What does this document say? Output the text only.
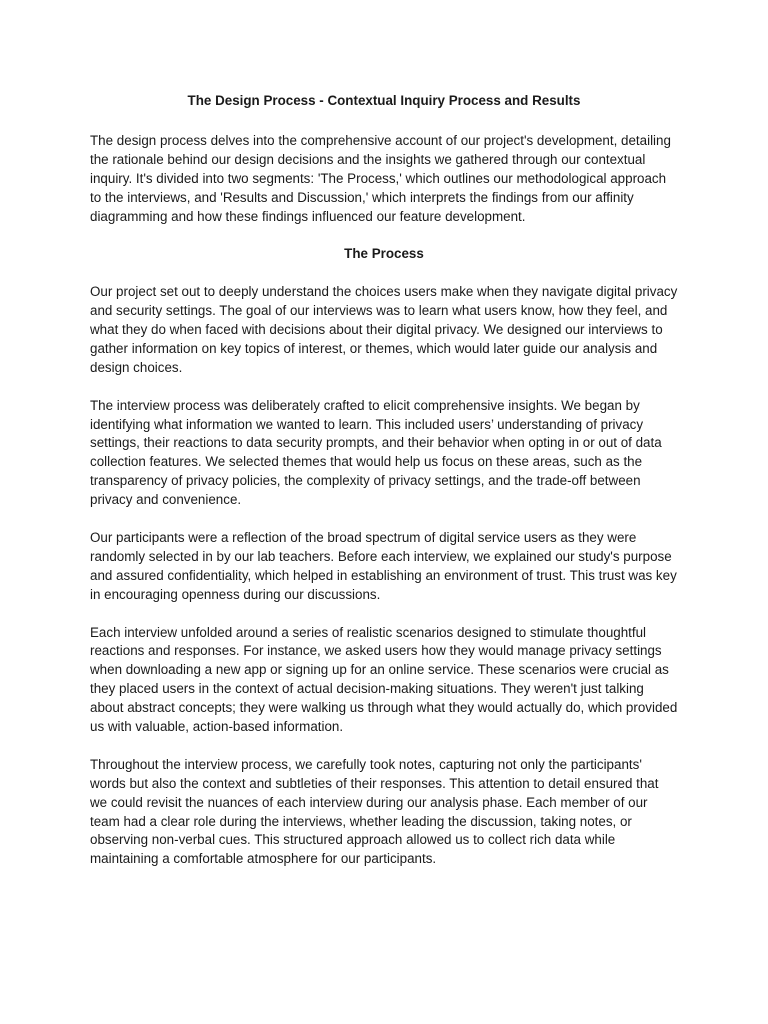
The Design Process - Contextual Inquiry Process and Results

The design process delves into the comprehensive account of our project's development, detailing the rationale behind our design decisions and the insights we gathered through our contextual inquiry. It's divided into two segments: 'The Process,' which outlines our methodological approach to the interviews, and 'Results and Discussion,' which interprets the findings from our affinity diagramming and how these findings influenced our feature development.

The Process

Our project set out to deeply understand the choices users make when they navigate digital privacy and security settings. The goal of our interviews was to learn what users know, how they feel, and what they do when faced with decisions about their digital privacy. We designed our interviews to gather information on key topics of interest, or themes, which would later guide our analysis and design choices.

The interview process was deliberately crafted to elicit comprehensive insights. We began by identifying what information we wanted to learn. This included users’ understanding of privacy settings, their reactions to data security prompts, and their behavior when opting in or out of data collection features. We selected themes that would help us focus on these areas, such as the transparency of privacy policies, the complexity of privacy settings, and the trade-off between privacy and convenience.

Our participants were a reflection of the broad spectrum of digital service users as they were randomly selected in by our lab teachers. Before each interview, we explained our study's purpose and assured confidentiality, which helped in establishing an environment of trust. This trust was key in encouraging openness during our discussions.

Each interview unfolded around a series of realistic scenarios designed to stimulate thoughtful reactions and responses. For instance, we asked users how they would manage privacy settings when downloading a new app or signing up for an online service. These scenarios were crucial as they placed users in the context of actual decision-making situations. They weren't just talking about abstract concepts; they were walking us through what they would actually do, which provided us with valuable, action-based information.

Throughout the interview process, we carefully took notes, capturing not only the participants' words but also the context and subtleties of their responses. This attention to detail ensured that we could revisit the nuances of each interview during our analysis phase. Each member of our team had a clear role during the interviews, whether leading the discussion, taking notes, or observing non-verbal cues. This structured approach allowed us to collect rich data while maintaining a comfortable atmosphere for our participants.
